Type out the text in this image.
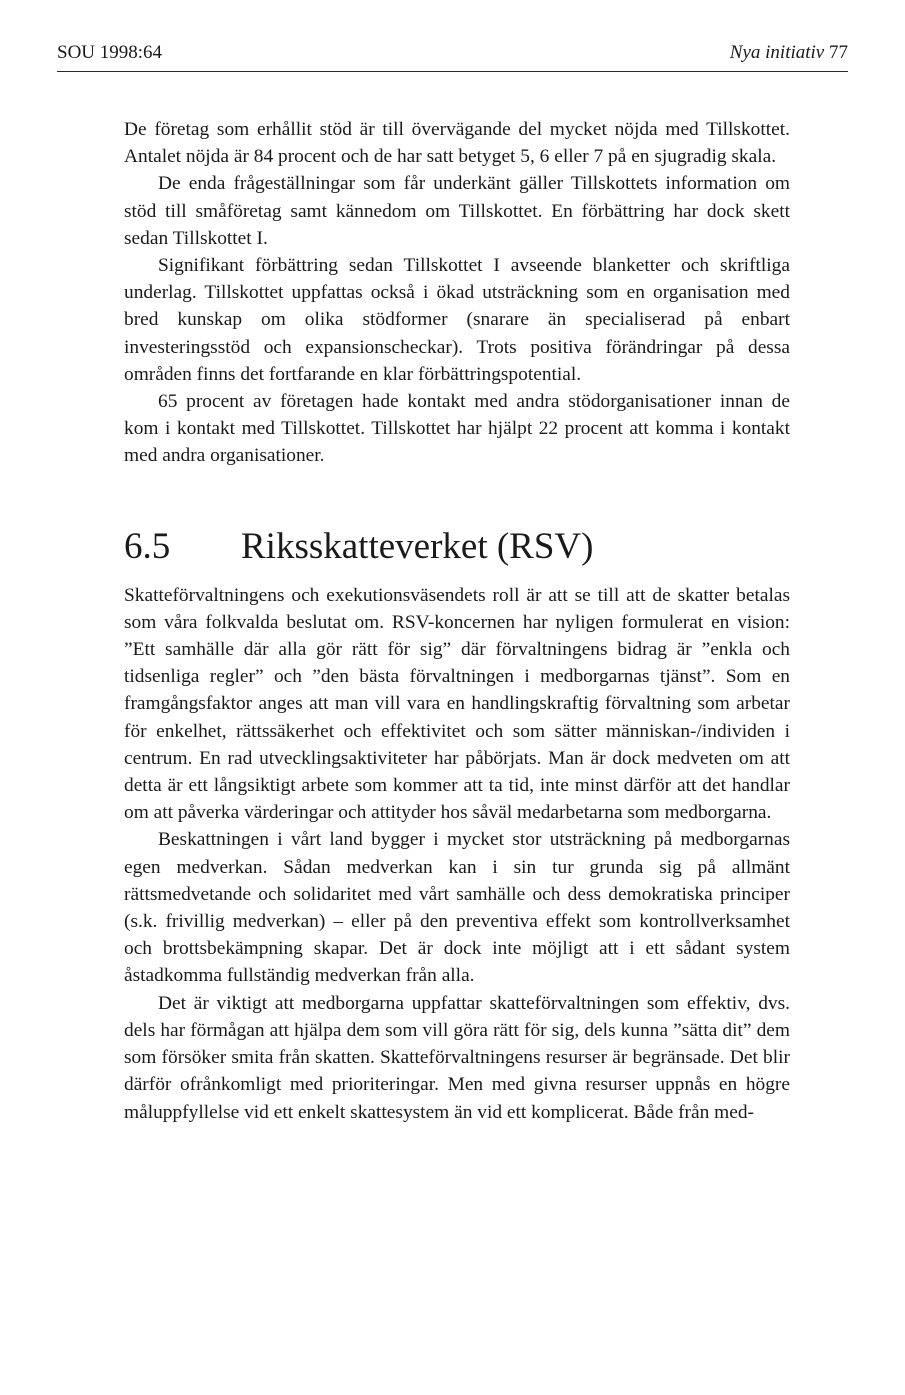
SOU 1998:64	Nya initiativ 77

De företag som erhållit stöd är till övervägande del mycket nöjda med Tillskottet. Antalet nöjda är 84 procent och de har satt betyget 5, 6 eller 7 på en sjugradig skala.

De enda frågeställningar som får underkänt gäller Tillskottets information om stöd till småföretag samt kännedom om Tillskottet. En förbättring har dock skett sedan Tillskottet I.

Signifikant förbättring sedan Tillskottet I avseende blanketter och skriftliga underlag. Tillskottet uppfattas också i ökad utsträckning som en organisation med bred kunskap om olika stödformer (snarare än specialiserad på enbart investeringsstöd och expansionscheckar). Trots positiva förändringar på dessa områden finns det fortfarande en klar förbättringspotential.

65 procent av företagen hade kontakt med andra stödorganisationer innan de kom i kontakt med Tillskottet. Tillskottet har hjälpt 22 procent att komma i kontakt med andra organisationer.

6.5	Riksskatteverket (RSV)

Skatteförvaltningens och exekutionsväsendets roll är att se till att de skatter betalas som våra folkvalda beslutat om. RSV-koncernen har nyligen formulerat en vision: ”Ett samhälle där alla gör rätt för sig” där förvaltningens bidrag är ”enkla och tidsenliga regler” och ”den bästa förvaltningen i medborgarnas tjänst”. Som en framgångsfaktor anges att man vill vara en handlingskraftig förvaltning som arbetar för enkelhet, rättssäkerhet och effektivitet och som sätter människan-/individen i centrum. En rad utvecklingsaktiviteter har påbörjats. Man är dock medveten om att detta är ett långsiktigt arbete som kommer att ta tid, inte minst därför att det handlar om att påverka värderingar och attityder hos såväl medarbetarna som medborgarna.

Beskattningen i vårt land bygger i mycket stor utsträckning på medborgarnas egen medverkan. Sådan medverkan kan i sin tur grunda sig på allmänt rättsmedvetande och solidaritet med vårt samhälle och dess demokratiska principer (s.k. frivillig medverkan) – eller på den preventiva effekt som kontrollverksamhet och brottsbekämpning skapar. Det är dock inte möjligt att i ett sådant system åstadkomma fullständig medverkan från alla.

Det är viktigt att medborgarna uppfattar skatteförvaltningen som effektiv, dvs. dels har förmågan att hjälpa dem som vill göra rätt för sig, dels kunna ”sätta dit” dem som försöker smita från skatten. Skatteförvaltningens resurser är begränsade. Det blir därför ofrånkomligt med prioriteringar. Men med givna resurser uppnås en högre måluppfyllelse vid ett enkelt skattesystem än vid ett komplicerat. Både från med-
